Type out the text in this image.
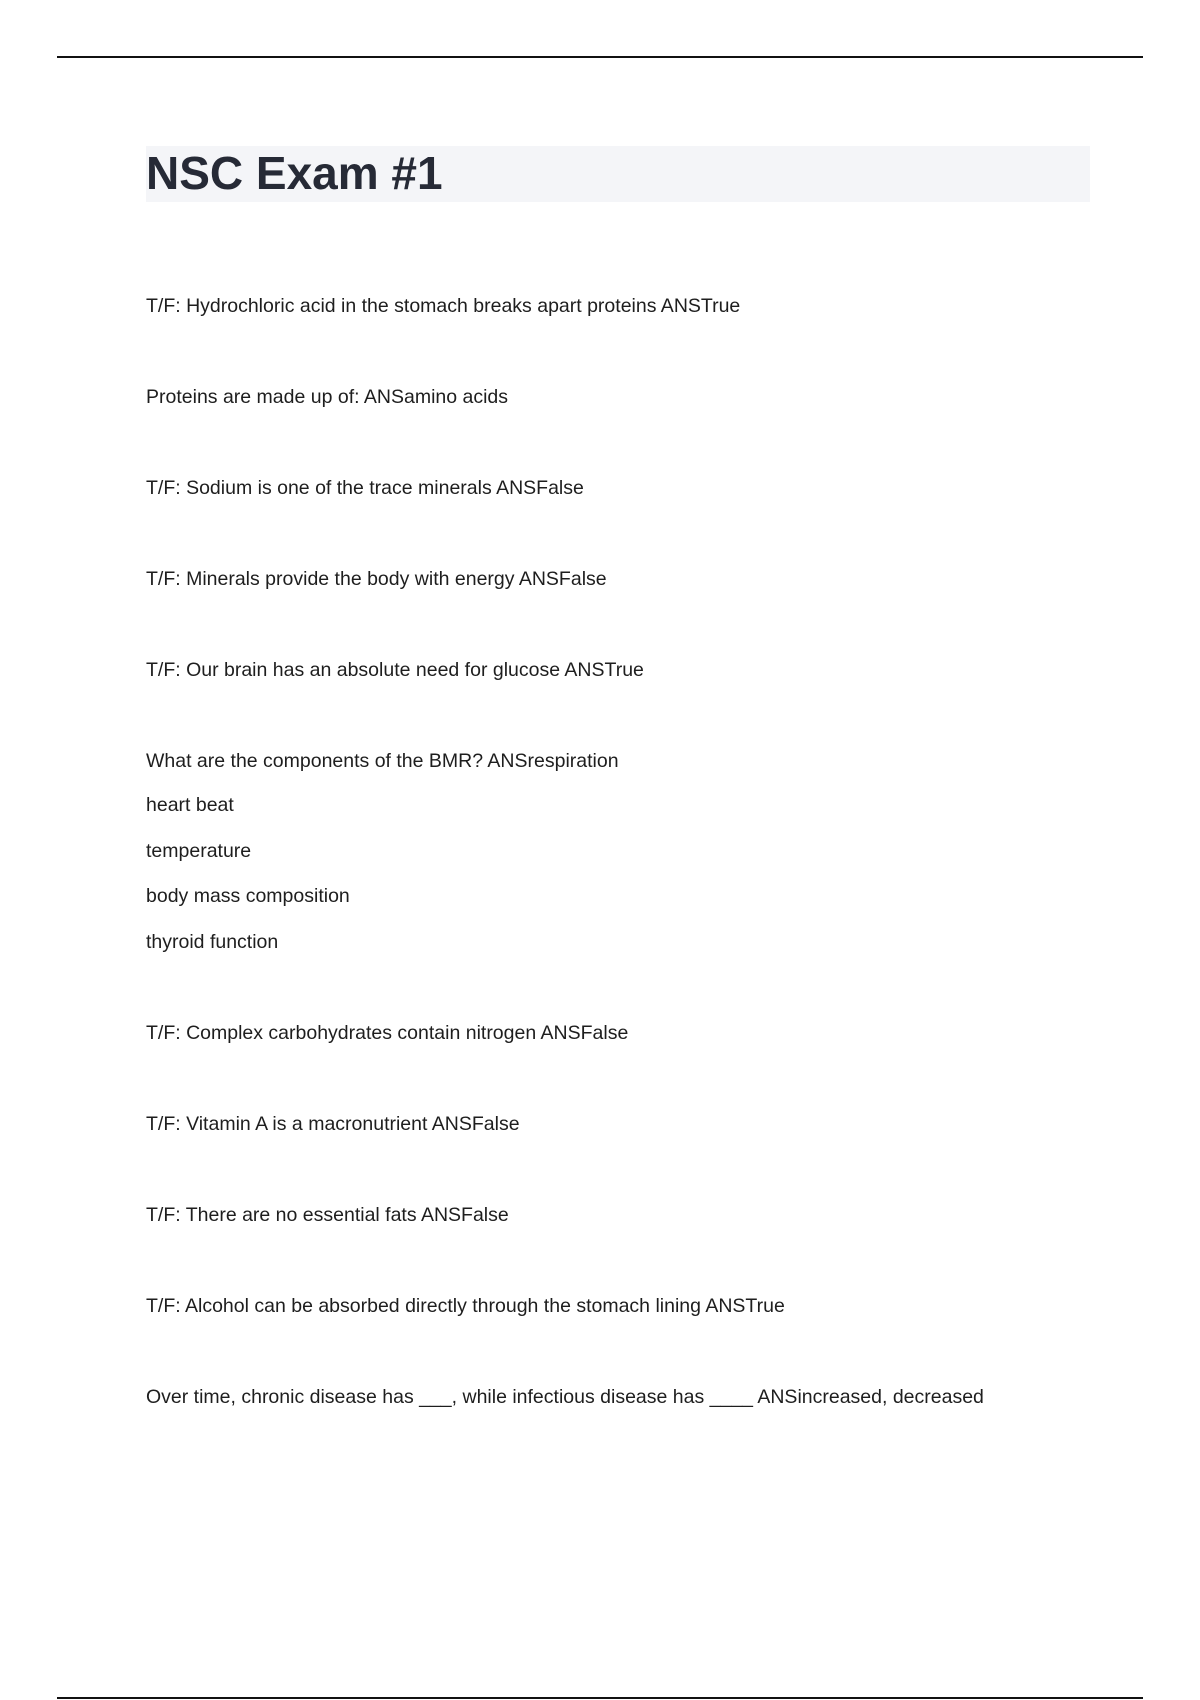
NSC Exam #1
T/F: Hydrochloric acid in the stomach breaks apart proteins ANSTrue
Proteins are made up of: ANSamino acids
T/F: Sodium is one of the trace minerals ANSFalse
T/F: Minerals provide the body with energy ANSFalse
T/F: Our brain has an absolute need for glucose ANSTrue
What are the components of the BMR? ANSrespiration
heart beat
temperature
body mass composition
thyroid function
T/F: Complex carbohydrates contain nitrogen ANSFalse
T/F: Vitamin A is a macronutrient ANSFalse
T/F: There are no essential fats ANSFalse
T/F: Alcohol can be absorbed directly through the stomach lining ANSTrue
Over time, chronic disease has ___, while infectious disease has ____ ANSincreased, decreased
